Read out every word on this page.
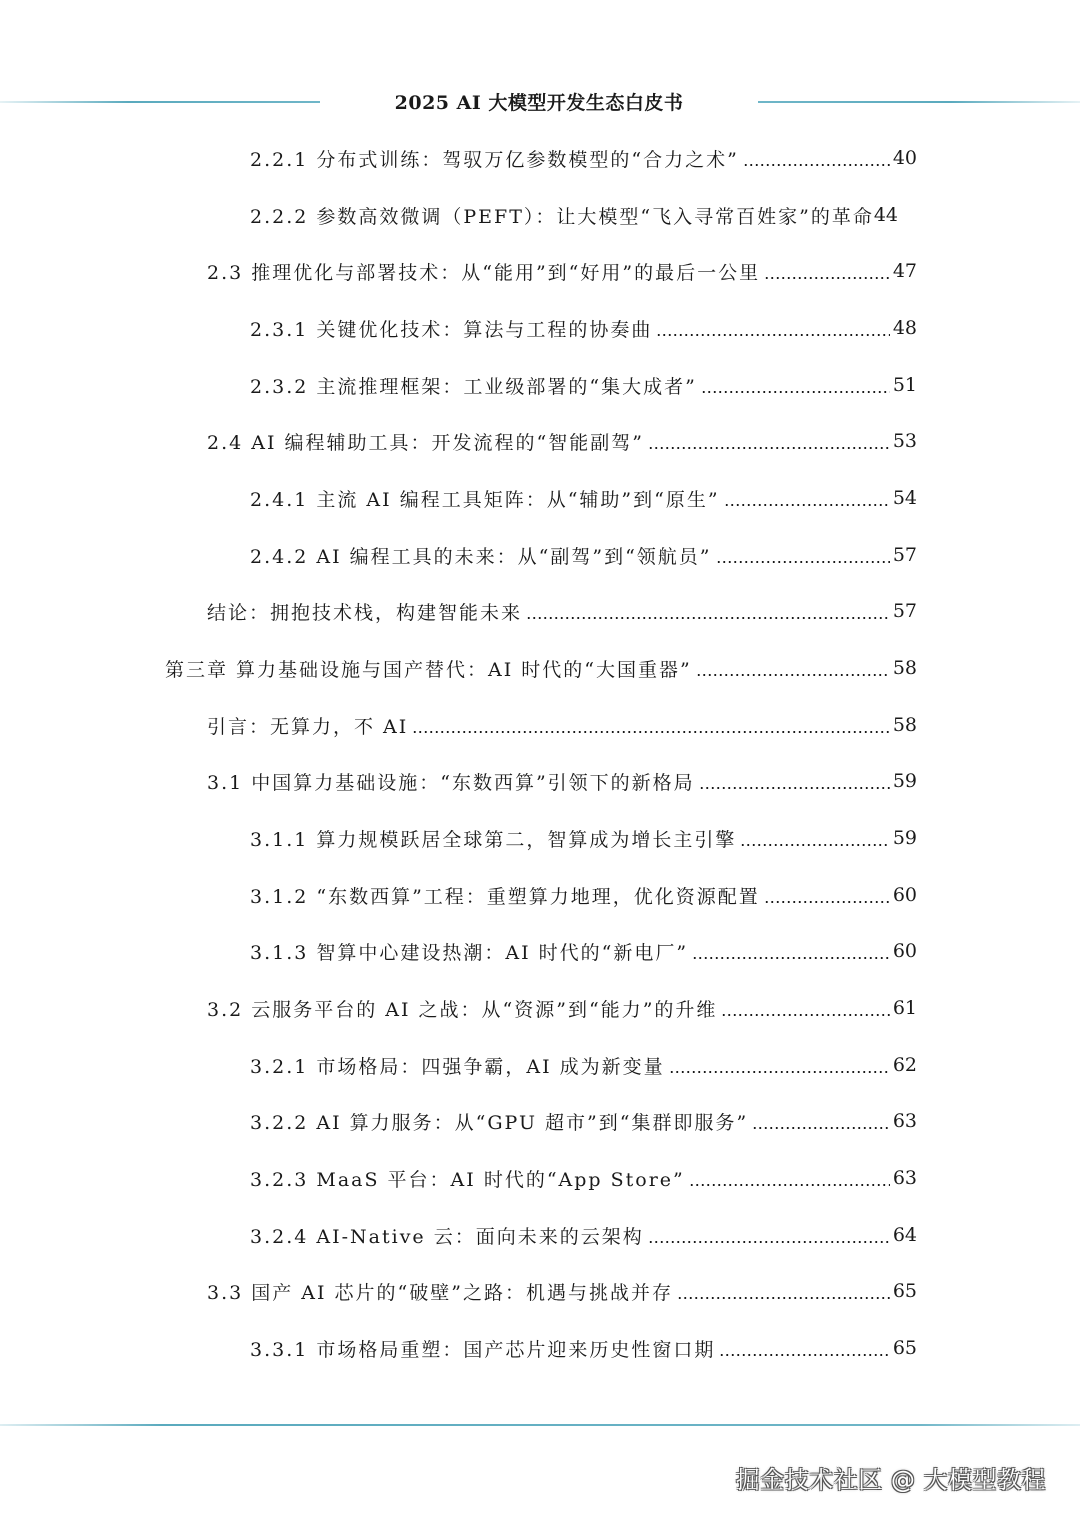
2025 AI 大模型开发生态白皮书
2.2.1 分布式训练：驾驭万亿参数模型的“合力之术”	40
2.2.2 参数高效微调（PEFT）：让大模型“飞入寻常百姓家”的革命 44
2.3 推理优化与部署技术：从“能用”到“好用”的最后一公里	47
2.3.1 关键优化技术：算法与工程的协奏曲	48
2.3.2 主流推理框架：工业级部署的“集大成者”	51
2.4 AI 编程辅助工具：开发流程的“智能副驾”	53
2.4.1 主流 AI 编程工具矩阵：从“辅助”到“原生”	54
2.4.2 AI 编程工具的未来：从“副驾”到“领航员”	57
结论：拥抱技术栈，构建智能未来	57
第三章 算力基础设施与国产替代：AI 时代的“大国重器”	58
引言：无算力，不 AI	58
3.1 中国算力基础设施：“东数西算”引领下的新格局	59
3.1.1 算力规模跃居全球第二，智算成为增长主引擎	59
3.1.2 “东数西算”工程：重塑算力地理，优化资源配置	60
3.1.3 智算中心建设热潮：AI 时代的“新电厂”	60
3.2 云服务平台的 AI 之战：从“资源”到“能力”的升维	61
3.2.1 市场格局：四强争霸，AI 成为新变量	62
3.2.2 AI 算力服务：从“GPU 超市”到“集群即服务”	63
3.2.3 MaaS 平台：AI 时代的“App Store”	63
3.2.4 AI-Native 云：面向未来的云架构	64
3.3 国产 AI 芯片的“破壁”之路：机遇与挑战并存	65
3.3.1 市场格局重塑：国产芯片迎来历史性窗口期	65
掘金技术社区 @ 大模型教程
